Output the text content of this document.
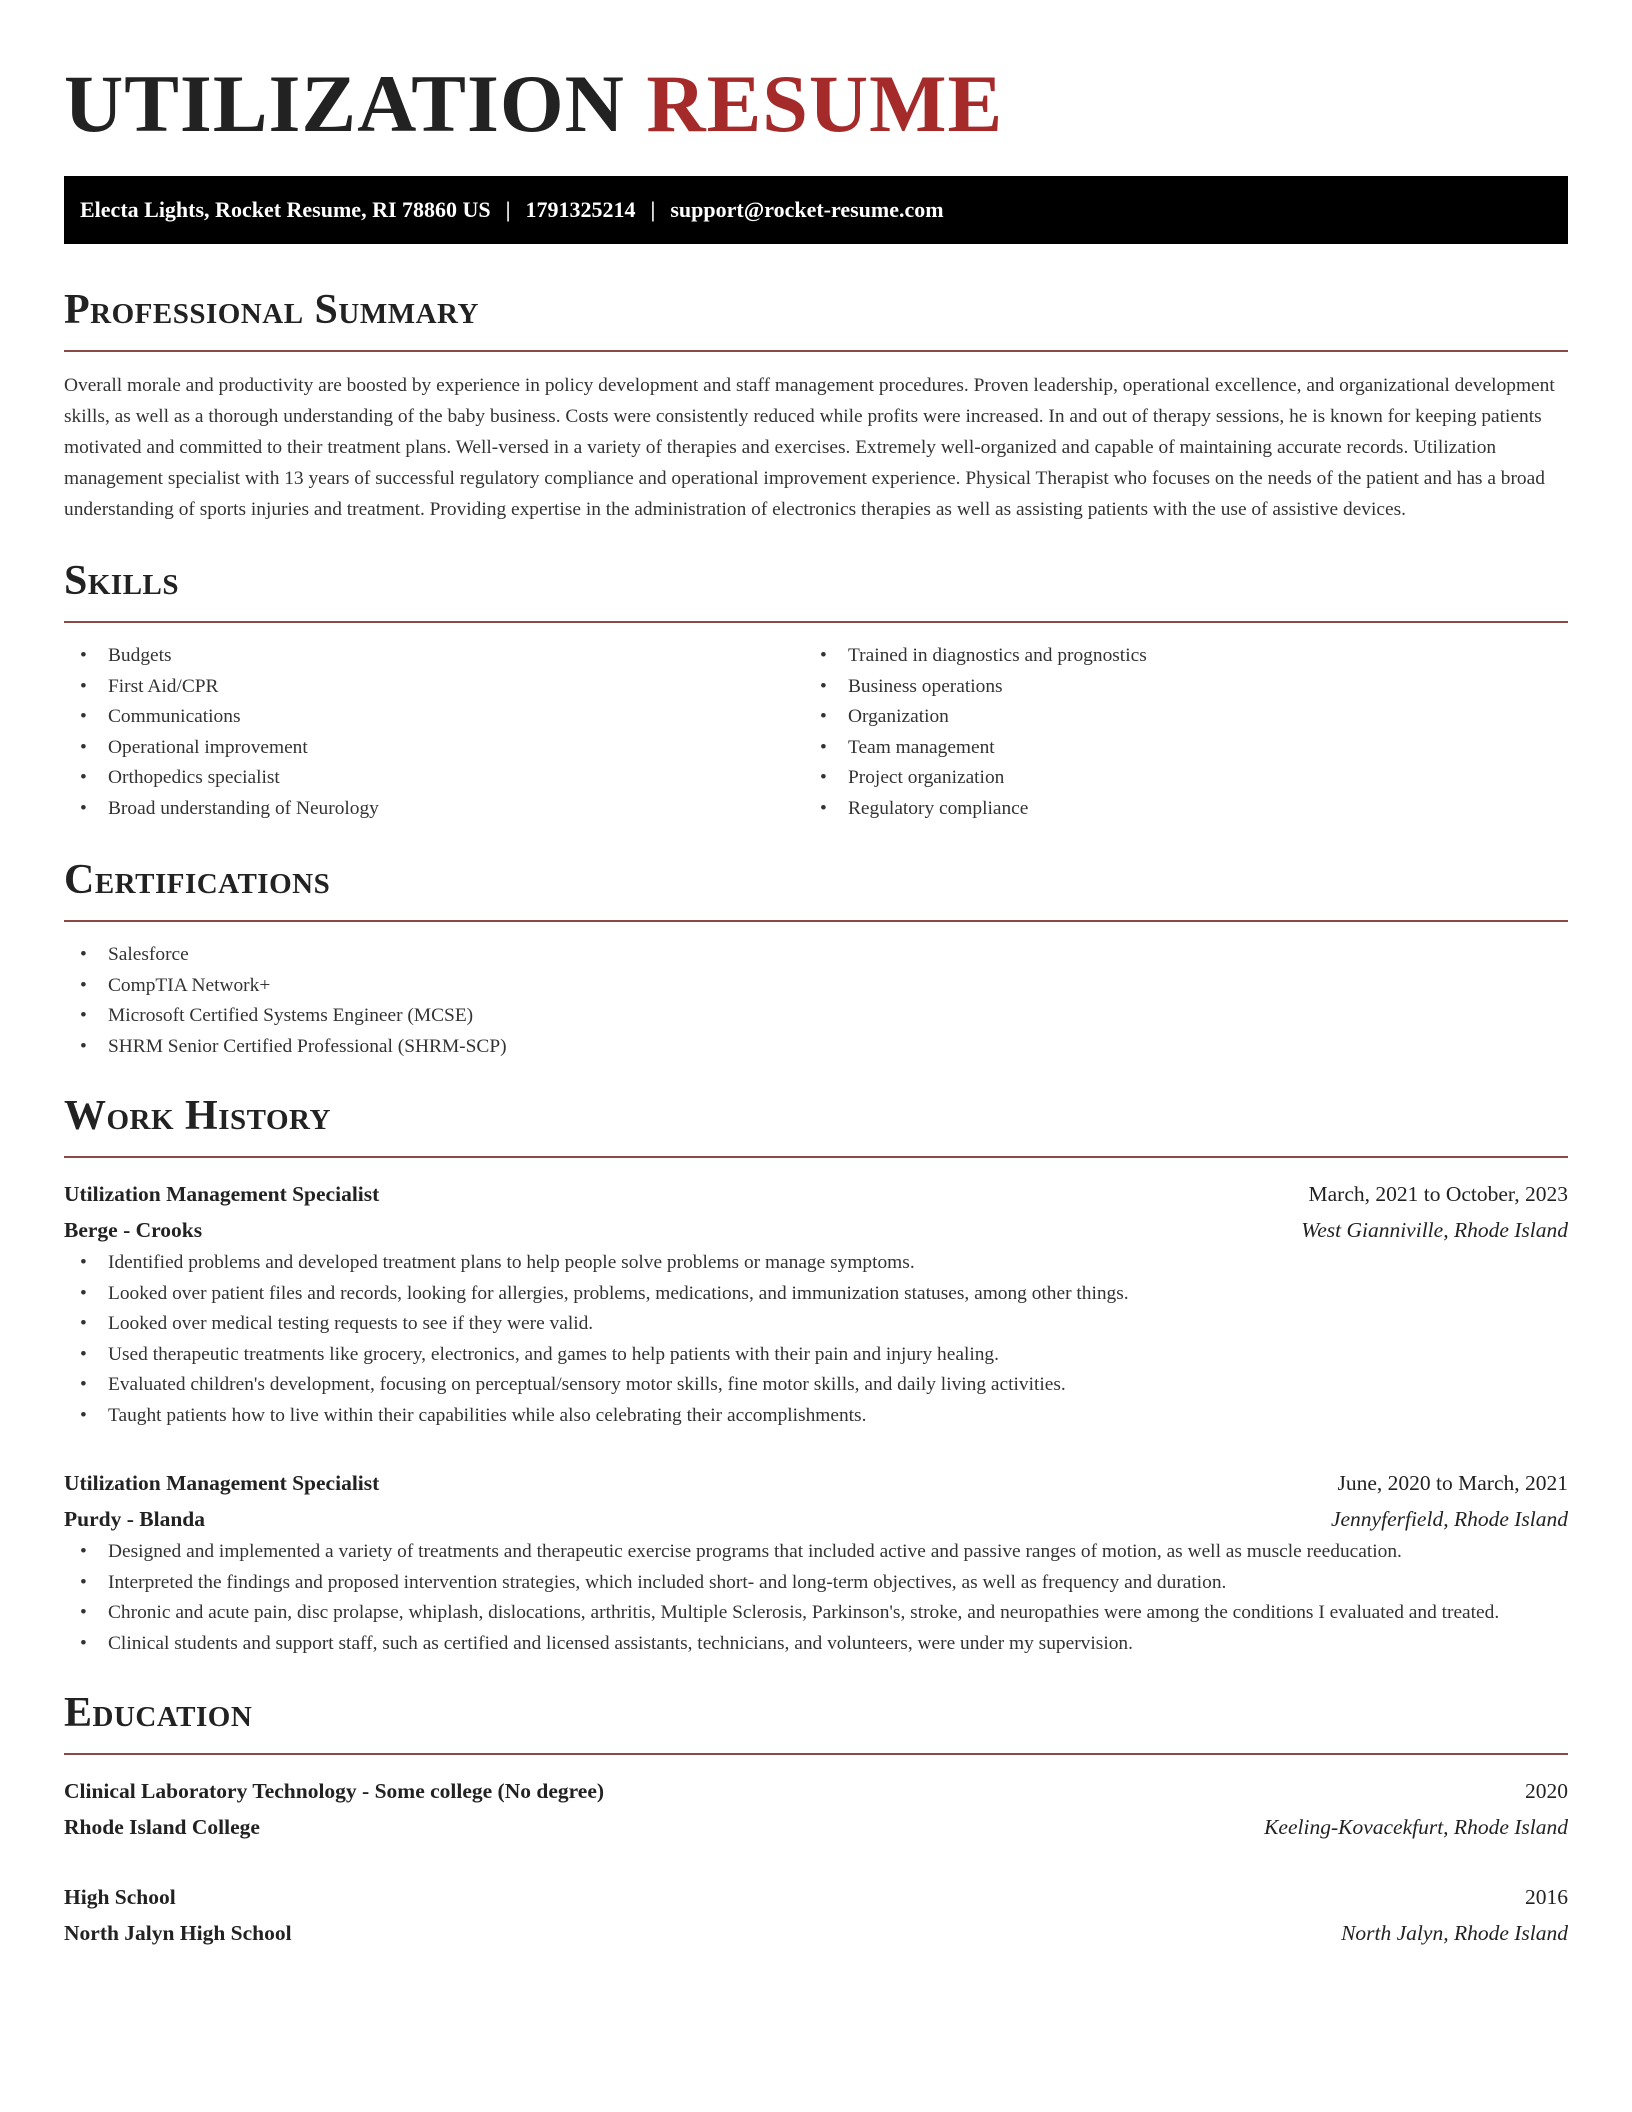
UTILIZATION RESUME
Electa Lights, Rocket Resume, RI 78860 US | 1791325214 | support@rocket-resume.com
Professional Summary

Overall morale and productivity are boosted by experience in policy development and staff management procedures. Proven leadership, operational excellence, and organizational development skills, as well as a thorough understanding of the baby business. Costs were consistently reduced while profits were increased. In and out of therapy sessions, he is known for keeping patients motivated and committed to their treatment plans. Well-versed in a variety of therapies and exercises. Extremely well-organized and capable of maintaining accurate records. Utilization management specialist with 13 years of successful regulatory compliance and operational improvement experience. Physical Therapist who focuses on the needs of the patient and has a broad understanding of sports injuries and treatment. Providing expertise in the administration of electronics therapies as well as assisting patients with the use of assistive devices.

Skills
• Budgets
• First Aid/CPR
• Communications
• Operational improvement
• Orthopedics specialist
• Broad understanding of Neurology
• Trained in diagnostics and prognostics
• Business operations
• Organization
• Team management
• Project organization
• Regulatory compliance
Certifications
• Salesforce
• CompTIA Network+
• Microsoft Certified Systems Engineer (MCSE)
• SHRM Senior Certified Professional (SHRM-SCP)
Work History
Utilization Management Specialist	March, 2021 to October, 2023
Berge - Crooks	West Gianniville, Rhode Island
• Identified problems and developed treatment plans to help people solve problems or manage symptoms.
• Looked over patient files and records, looking for allergies, problems, medications, and immunization statuses, among other things.
• Looked over medical testing requests to see if they were valid.
• Used therapeutic treatments like grocery, electronics, and games to help patients with their pain and injury healing.
• Evaluated children's development, focusing on perceptual/sensory motor skills, fine motor skills, and daily living activities.
• Taught patients how to live within their capabilities while also celebrating their accomplishments.
Utilization Management Specialist	June, 2020 to March, 2021
Purdy - Blanda	Jennyferfield, Rhode Island
• Designed and implemented a variety of treatments and therapeutic exercise programs that included active and passive ranges of motion, as well as muscle reeducation.
• Interpreted the findings and proposed intervention strategies, which included short- and long-term objectives, as well as frequency and duration.
• Chronic and acute pain, disc prolapse, whiplash, dislocations, arthritis, Multiple Sclerosis, Parkinson's, stroke, and neuropathies were among the conditions I evaluated and treated.
• Clinical students and support staff, such as certified and licensed assistants, technicians, and volunteers, were under my supervision.
Education
Clinical Laboratory Technology - Some college (No degree)	2020
Rhode Island College	Keeling-Kovacekfurt, Rhode Island
High School	2016
North Jalyn High School	North Jalyn, Rhode Island
